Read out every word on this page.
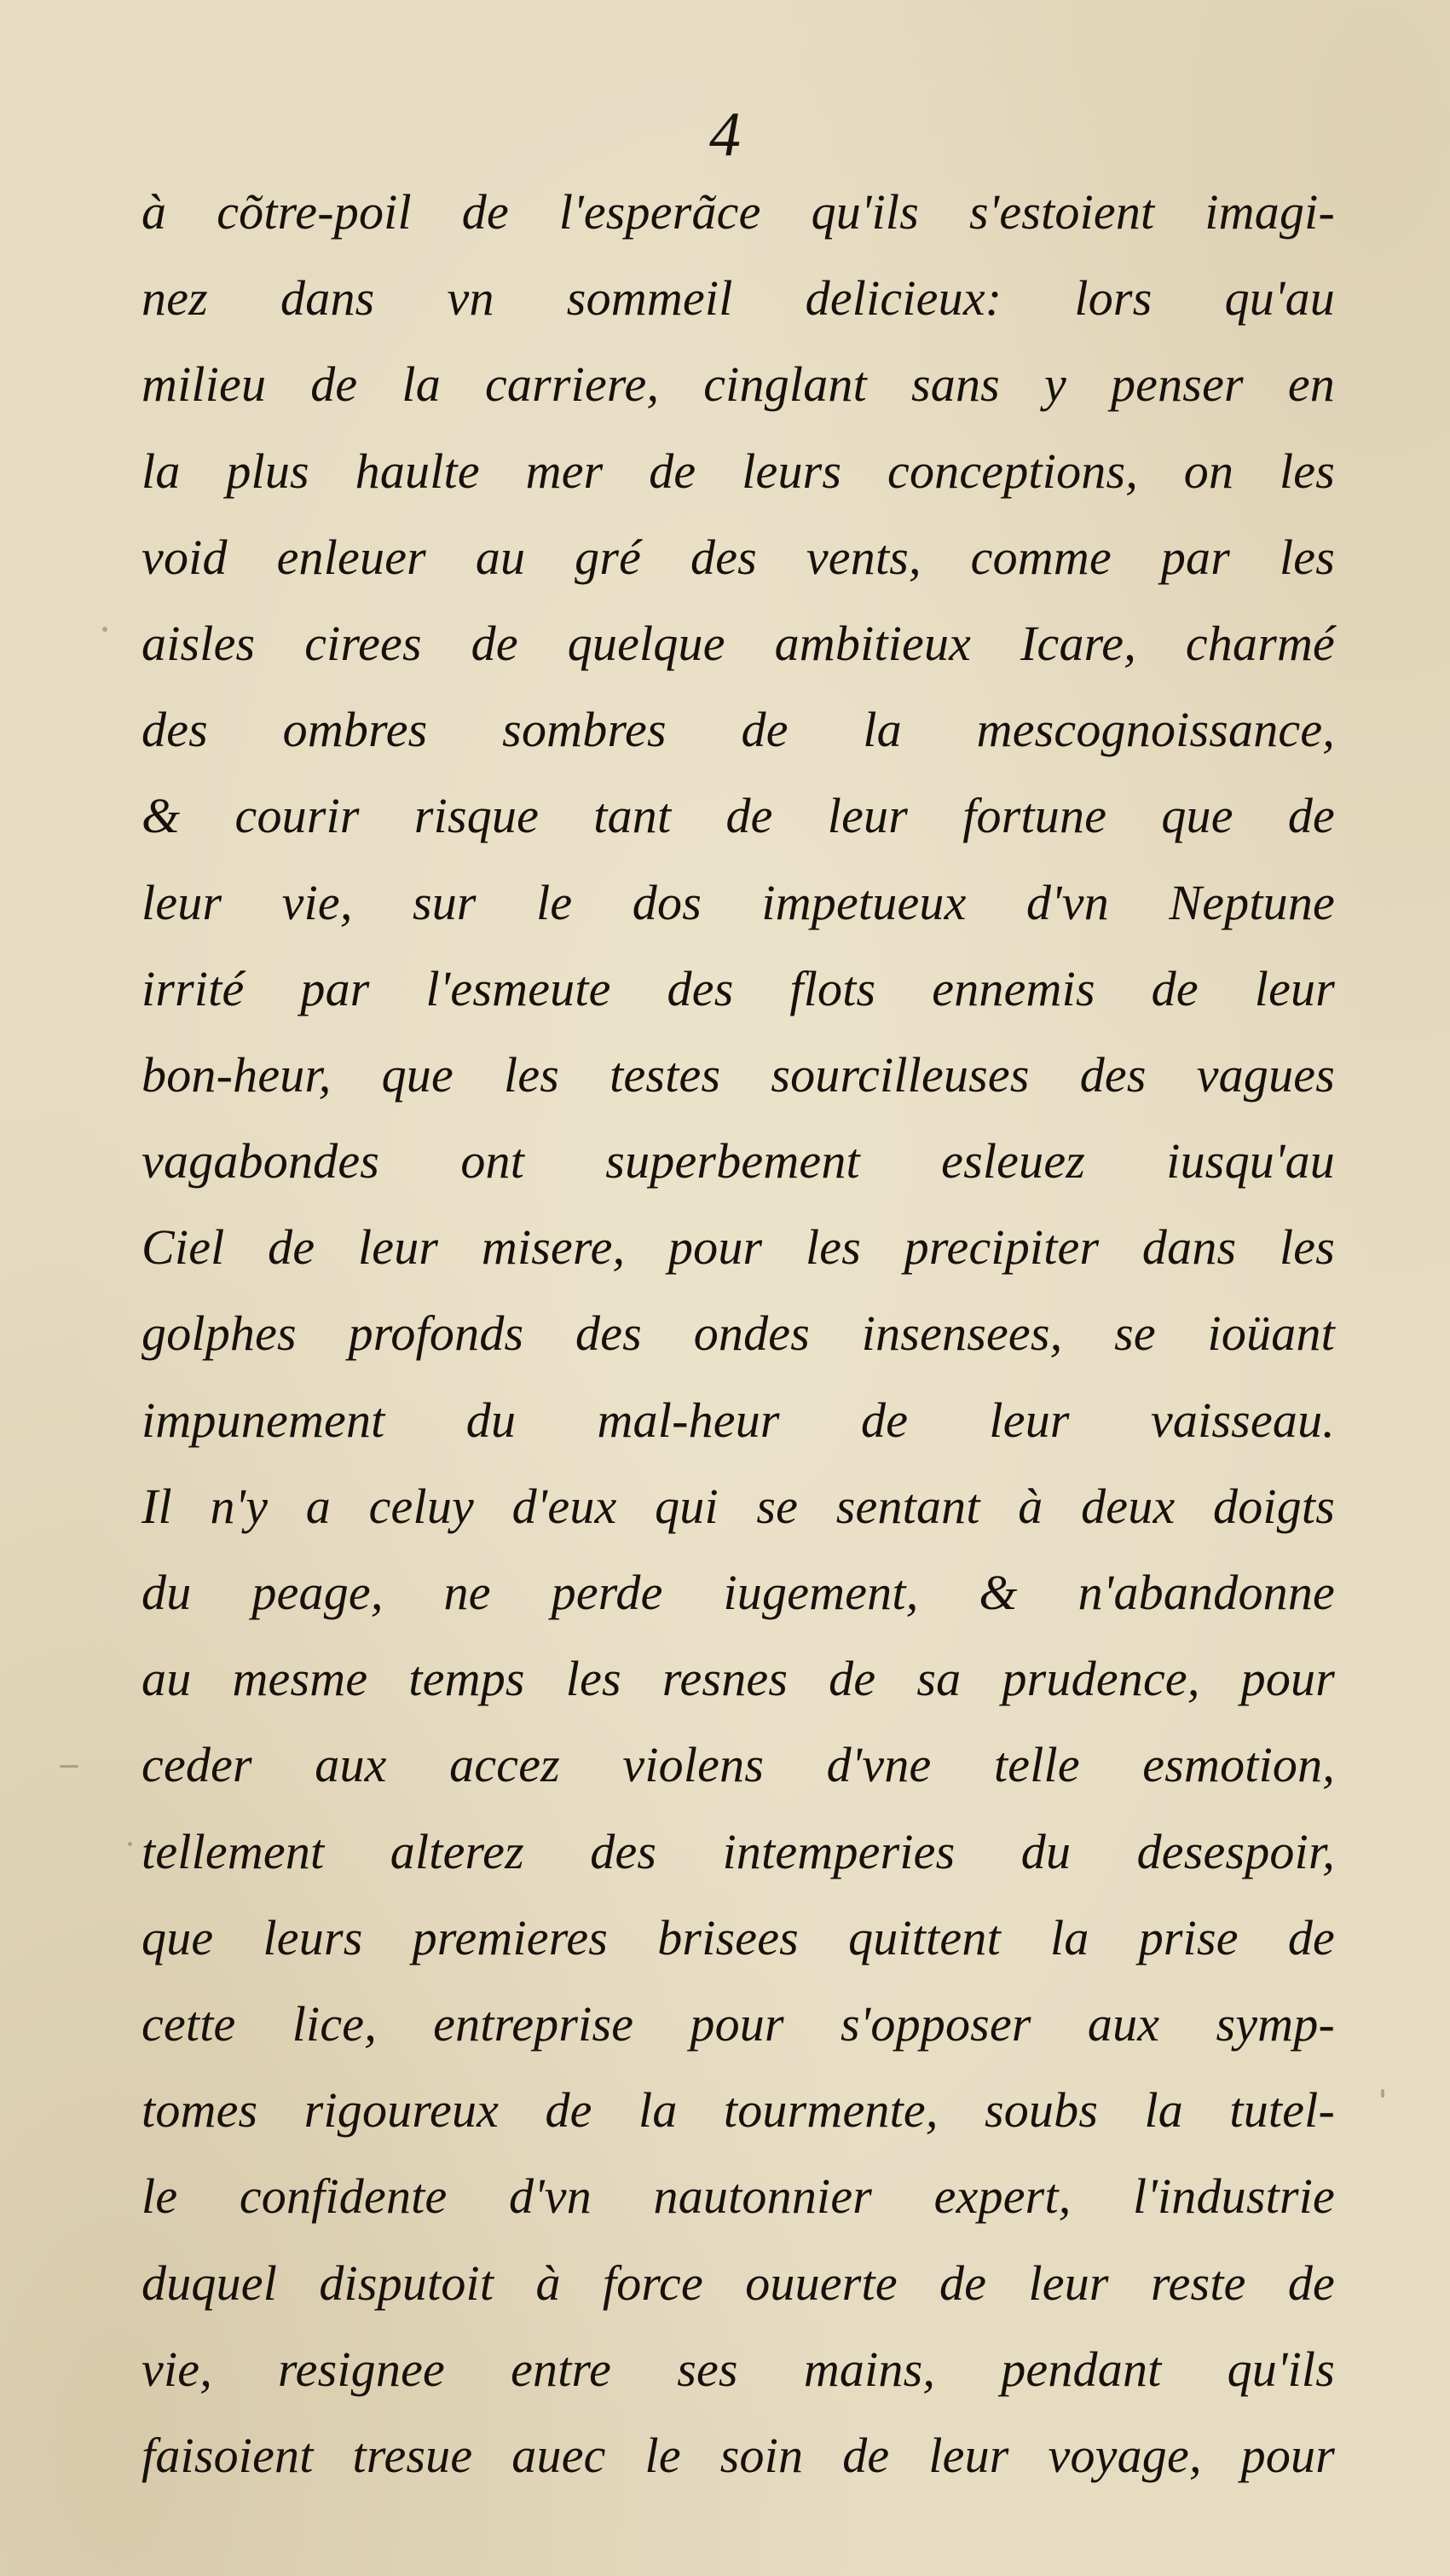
4
à cõtre-poil de l'esperãce qu'ils s'estoient imagi-
nez dans vn sommeil delicieux: lors qu'au
milieu de la carriere, cinglant sans y penser en
la plus haulte mer de leurs conceptions, on les
void enleuer au gré des vents, comme par les
aisles cirees de quelque ambitieux Icare, charmé
des ombres sombres de la mescognoissance,
& courir risque tant de leur fortune que de
leur vie, sur le dos impetueux d'vn Neptune
irrité par l'esmeute des flots ennemis de leur
bon-heur, que les testes sourcilleuses des vagues
vagabondes ont superbement esleuez iusqu'au
Ciel de leur misere, pour les precipiter dans les
golphes profonds des ondes insensees, se ioüant
impunement du mal-heur de leur vaisseau.
Il n'y a celuy d'eux qui se sentant à deux doigts
du peage, ne perde iugement, & n'abandonne
au mesme temps les resnes de sa prudence, pour
ceder aux accez violens d'vne telle esmotion,
tellement alterez des intemperies du desespoir,
que leurs premieres brisees quittent la prise de
cette lice, entreprise pour s'opposer aux symp-
tomes rigoureux de la tourmente, soubs la tutel-
le confidente d'vn nautonnier expert, l'industrie
duquel disputoit à force ouuerte de leur reste de
vie, resignee entre ses mains, pendant qu'ils
faisoient tresue auec le soin de leur voyage, pour
